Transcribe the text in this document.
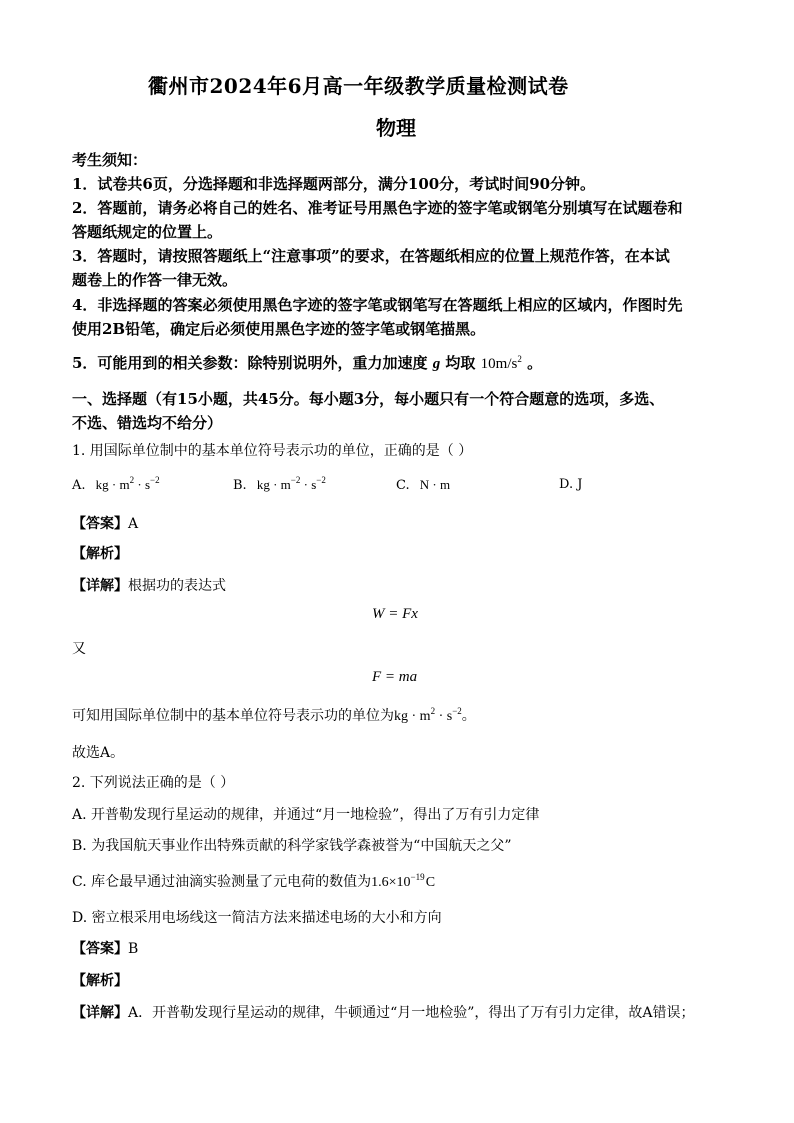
衢州市2024年6月高一年级教学质量检测试卷
物理
考生须知：
1．试卷共6页，分选择题和非选择题两部分，满分100分，考试时间90分钟。
2．答题前，请务必将自己的姓名、准考证号用黑色字迹的签字笔或钢笔分别填写在试题卷和
答题纸规定的位置上。
3．答题时，请按照答题纸上“注意事项”的要求，在答题纸相应的位置上规范作答，在本试
题卷上的作答一律无效。
4．非选择题的答案必须使用黑色字迹的签字笔或钢笔写在答题纸上相应的区域内，作图时先
使用2B铅笔，确定后必须使用黑色字迹的签字笔或钢笔描黑。
5．可能用到的相关参数：除特别说明外，重力加速度 g 均取 $10m/s^2$ 。
一、选择题（有15小题，共45分。每小题3分，每小题只有一个符合题意的选项，多选、
不选、错选均不给分）
1. 用国际单位制中的基本单位符号表示功的单位，正确的是（ ）
A. kg · $m^2 \cdot s^{-2}$	B. kg · $m^{-2} \cdot s^{-2}$	C. N · m	D. J
【答案】A
【解析】
【详解】根据功的表达式
W = Fx
又
F = ma
可知用国际单位制中的基本单位符号表示功的单位为kg · $m^2 \cdot s^{-2}$。
故选A。
2. 下列说法正确的是（ ）
A. 开普勒发现行星运动的规律，并通过“月一地检验”，得出了万有引力定律
B. 为我国航天事业作出特殊贡献的科学家钱学森被誉为“中国航天之父”
C. 库仑最早通过油滴实验测量了元电荷的数值为$1.6\times 10^{-19}$ C
D. 密立根采用电场线这一简洁方法来描述电场的大小和方向
【答案】B
【解析】
【详解】A．开普勒发现行星运动的规律，牛顿通过“月一地检验”，得出了万有引力定律，故A错误；
